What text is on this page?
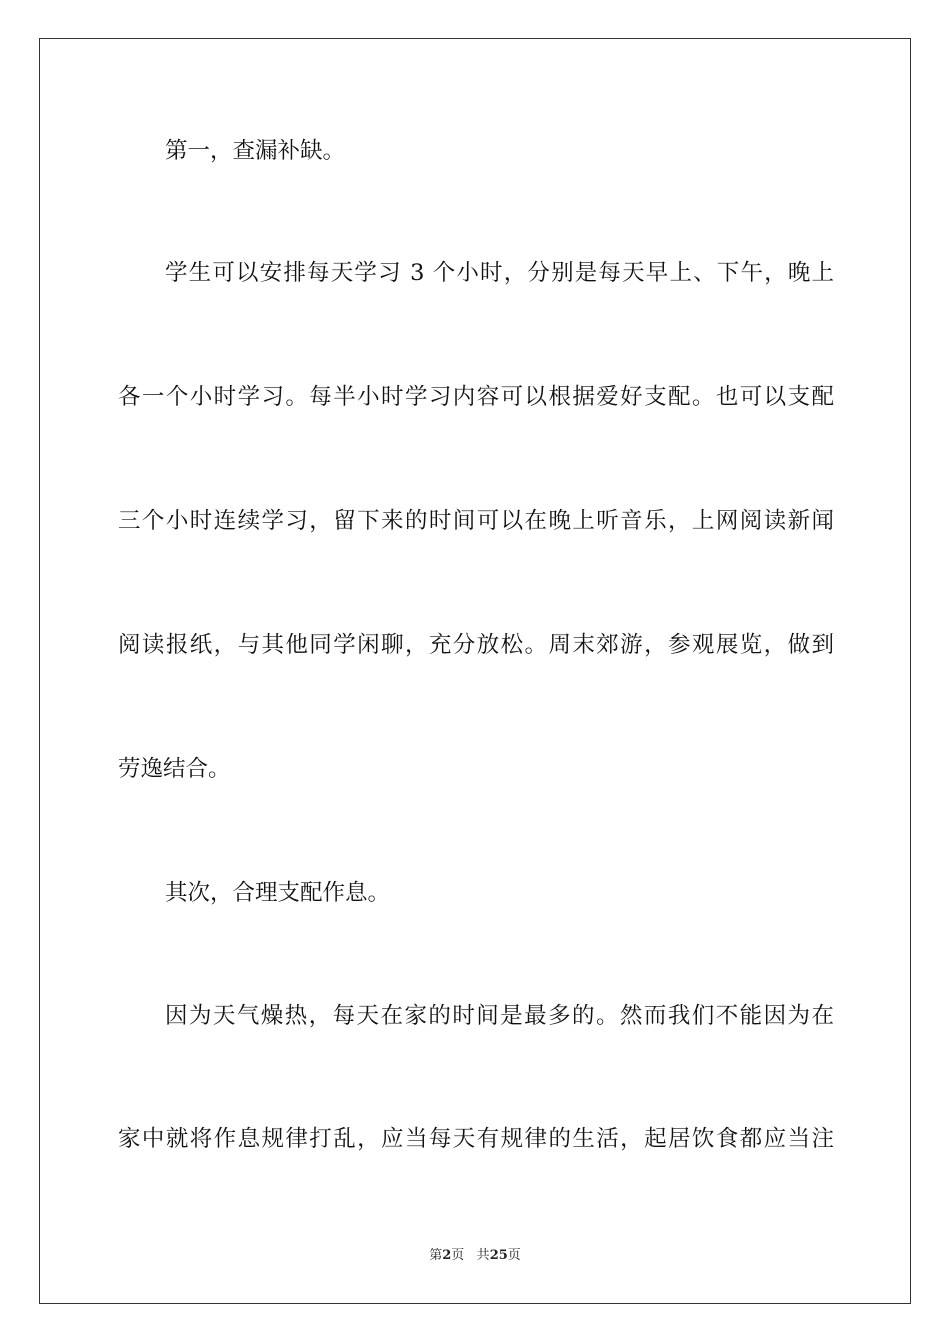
第一，查漏补缺。
学生可以安排每天学习 3 个小时，分别是每天早上、下午，晚上
各一个小时学习。每半小时学习内容可以根据爱好支配。也可以支配
三个小时连续学习，留下来的时间可以在晚上听音乐，上网阅读新闻
阅读报纸，与其他同学闲聊，充分放松。周末郊游，参观展览，做到
劳逸结合。
其次，合理支配作息。
因为天气燥热，每天在家的时间是最多的。然而我们不能因为在
家中就将作息规律打乱，应当每天有规律的生活，起居饮食都应当注
第2页 共25页
